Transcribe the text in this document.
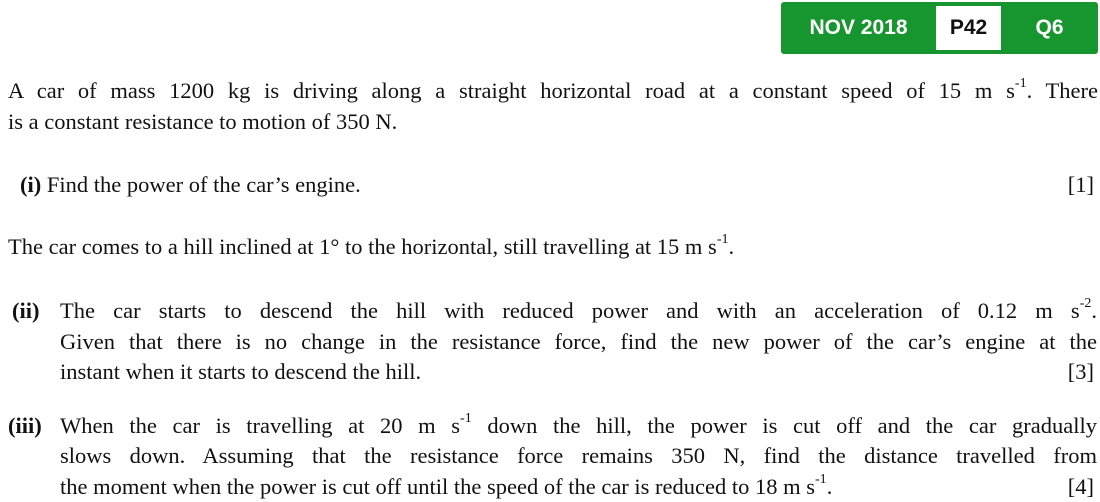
NOV 2018	P42	Q6
A car of mass 1200 kg is driving along a straight horizontal road at a constant speed of 15 m $s^{-1}$. There
is a constant resistance to motion of 350 N.
(i) Find the power of the car’s engine.	[1]
The car comes to a hill inclined at 1° to the horizontal, still travelling at 15 m $s^{-1}$.
(ii) The car starts to descend the hill with reduced power and with an acceleration of 0.12 m $s^{-2}$.
Given that there is no change in the resistance force, find the new power of the car’s engine at the
instant when it starts to descend the hill.	[3]
(iii) When the car is travelling at 20 m $s^{-1}$ down the hill, the power is cut off and the car gradually
slows down. Assuming that the resistance force remains 350 N, find the distance travelled from
the moment when the power is cut off until the speed of the car is reduced to 18 m $s^{-1}$.	[4]
